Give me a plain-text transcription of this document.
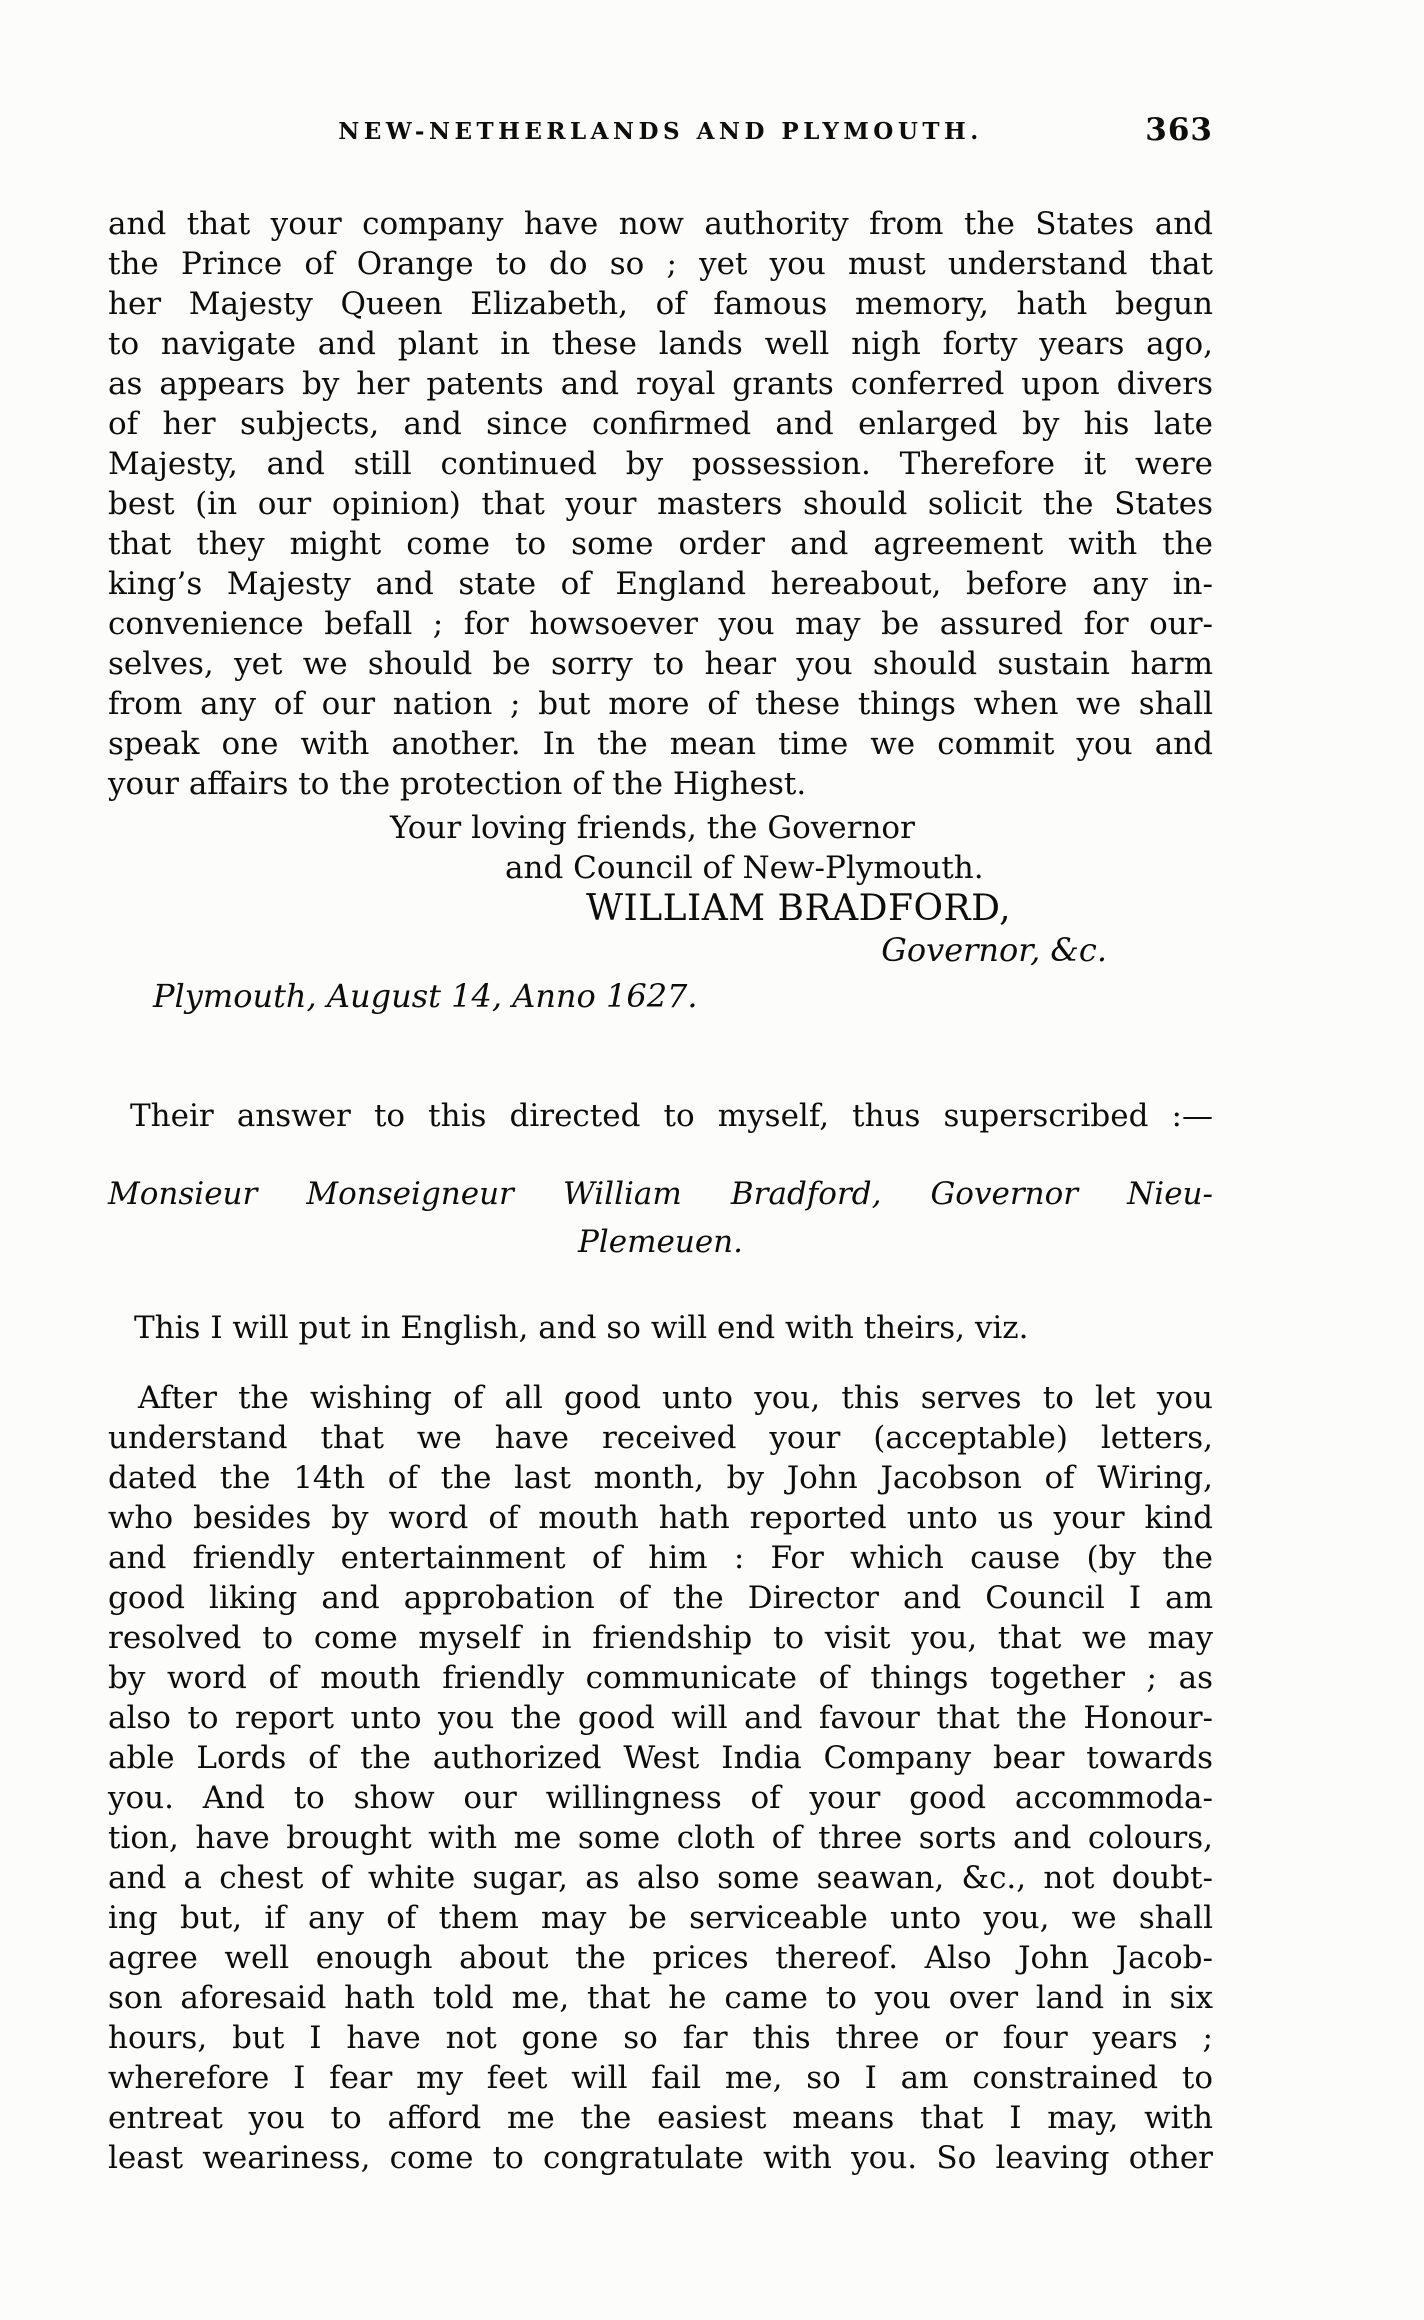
NEW-NETHERLANDS AND PLYMOUTH.	363
and that your company have now authority from the States and
the Prince of Orange to do so ; yet you must understand that
her Majesty Queen Elizabeth, of famous memory, hath begun
to navigate and plant in these lands well nigh forty years ago,
as appears by her patents and royal grants conferred upon divers
of her subjects, and since confirmed and enlarged by his late
Majesty, and still continued by possession. Therefore it were
best (in our opinion) that your masters should solicit the States
that they might come to some order and agreement with the
king’s Majesty and state of England hereabout, before any in-
convenience befall ; for howsoever you may be assured for our-
selves, yet we should be sorry to hear you should sustain harm
from any of our nation ; but more of these things when we shall
speak one with another. In the mean time we commit you and
your affairs to the protection of the Highest.
Your loving friends, the Governor
and Council of New-Plymouth.
WILLIAM BRADFORD,
Governor, &c.
Plymouth, August 14, Anno 1627.
Their answer to this directed to myself, thus superscribed :—
Monsieur Monseigneur William Bradford, Governor Nieu-
Plemeuen.
This I will put in English, and so will end with theirs, viz.
After the wishing of all good unto you, this serves to let you
understand that we have received your (acceptable) letters,
dated the 14th of the last month, by John Jacobson of Wiring,
who besides by word of mouth hath reported unto us your kind
and friendly entertainment of him : For which cause (by the
good liking and approbation of the Director and Council I am
resolved to come myself in friendship to visit you, that we may
by word of mouth friendly communicate of things together ; as
also to report unto you the good will and favour that the Honour-
able Lords of the authorized West India Company bear towards
you. And to show our willingness of your good accommoda-
tion, have brought with me some cloth of three sorts and colours,
and a chest of white sugar, as also some seawan, &c., not doubt-
ing but, if any of them may be serviceable unto you, we shall
agree well enough about the prices thereof. Also John Jacob-
son aforesaid hath told me, that he came to you over land in six
hours, but I have not gone so far this three or four years ;
wherefore I fear my feet will fail me, so I am constrained to
entreat you to afford me the easiest means that I may, with
least weariness, come to congratulate with you. So leaving other
